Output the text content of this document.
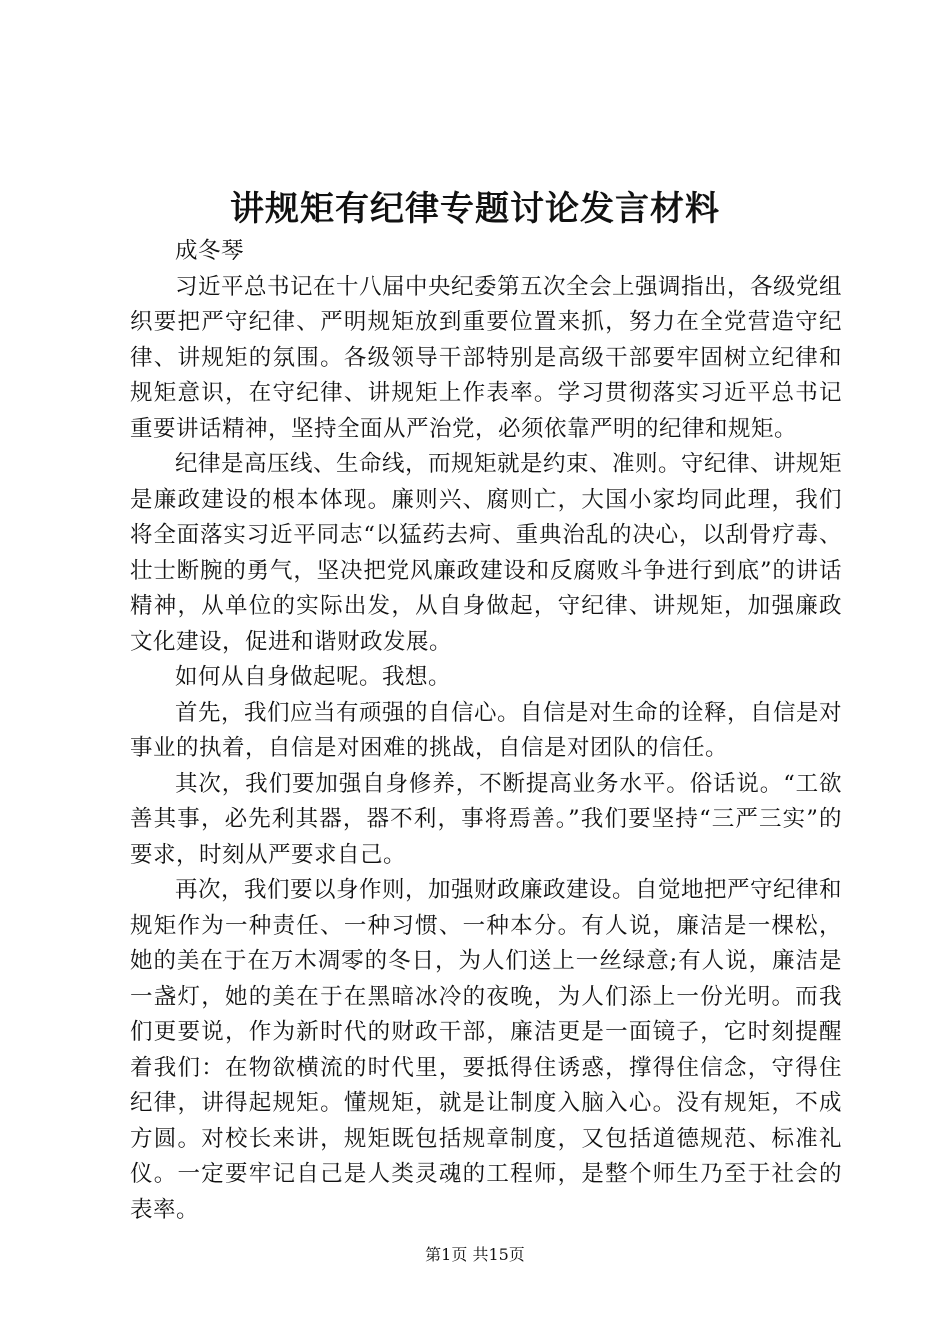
讲规矩有纪律专题讨论发言材料

成冬琴

习近平总书记在十八届中央纪委第五次全会上强调指出，各级党组织要把严守纪律、严明规矩放到重要位置来抓，努力在全党营造守纪律、讲规矩的氛围。各级领导干部特别是高级干部要牢固树立纪律和规矩意识，在守纪律、讲规矩上作表率。学习贯彻落实习近平总书记重要讲话精神，坚持全面从严治党，必须依靠严明的纪律和规矩。

纪律是高压线、生命线，而规矩就是约束、准则。守纪律、讲规矩是廉政建设的根本体现。廉则兴、腐则亡，大国小家均同此理，我们将全面落实习近平同志“以猛药去疴、重典治乱的决心，以刮骨疗毒、壮士断腕的勇气，坚决把党风廉政建设和反腐败斗争进行到底”的讲话精神，从单位的实际出发，从自身做起，守纪律、讲规矩，加强廉政文化建设，促进和谐财政发展。

如何从自身做起呢。我想。

首先，我们应当有顽强的自信心。自信是对生命的诠释，自信是对事业的执着，自信是对困难的挑战，自信是对团队的信任。

其次，我们要加强自身修养，不断提高业务水平。俗话说。“工欲善其事，必先利其器，器不利，事将焉善。”我们要坚持“三严三实”的要求，时刻从严要求自己。

再次，我们要以身作则，加强财政廉政建设。自觉地把严守纪律和规矩作为一种责任、一种习惯、一种本分。有人说，廉洁是一棵松，她的美在于在万木凋零的冬日，为人们送上一丝绿意;有人说，廉洁是一盏灯，她的美在于在黑暗冰冷的夜晚，为人们添上一份光明。而我们更要说，作为新时代的财政干部，廉洁更是一面镜子，它时刻提醒着我们：在物欲横流的时代里，要抵得住诱惑，撑得住信念，守得住纪律，讲得起规矩。懂规矩，就是让制度入脑入心。没有规矩，不成方圆。对校长来讲，规矩既包括规章制度，又包括道德规范、标准礼仪。一定要牢记自己是人类灵魂的工程师，是整个师生乃至于社会的表率。

第1页 共15页
